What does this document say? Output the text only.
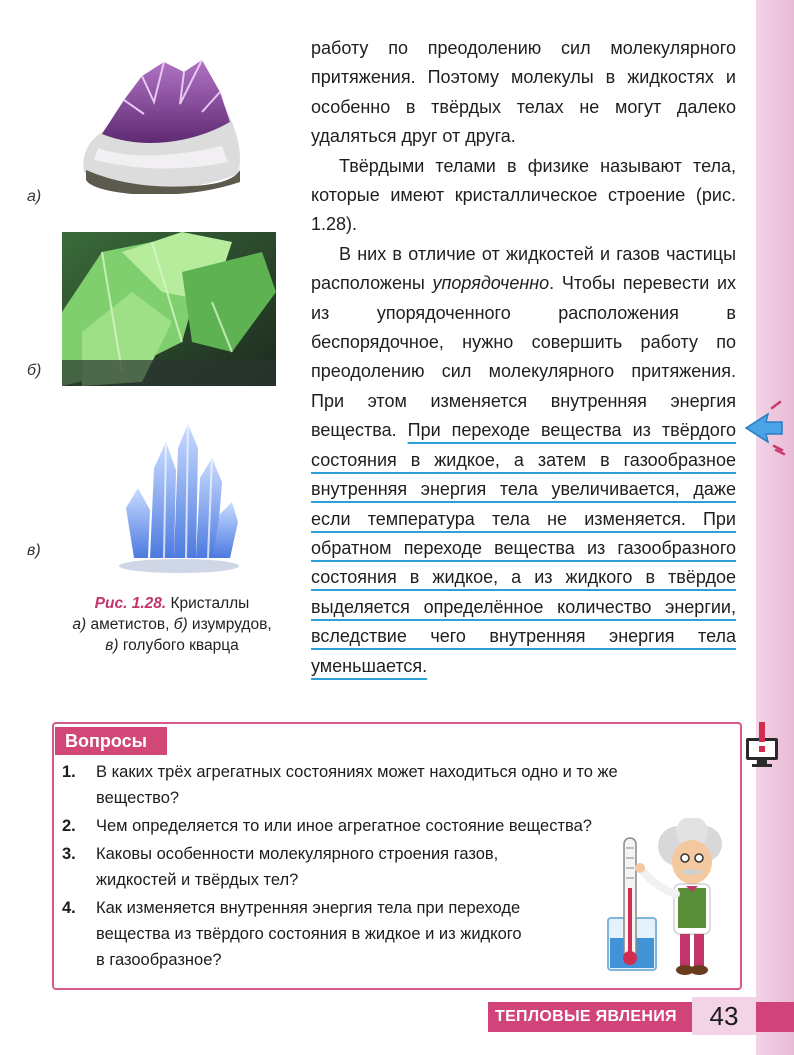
а)
б)
в)
Рис. 1.28. Кристаллы
а) аметистов, б) изумрудов,
в) голубого кварца

работу по преодолению сил молекулярного притяжения. Поэтому молекулы в жидкостях и особенно в твёрдых телах не могут далеко удаляться друг от друга.

Твёрдыми телами в физике называют тела, которые имеют кристаллическое строение (рис. 1.28).

В них в отличие от жидкостей и газов частицы расположены упорядоченно. Чтобы перевести их из упорядоченного расположения в беспорядочное, нужно совершить работу по преодолению сил молекулярного притяжения. При этом изменяется внутренняя энергия вещества. При переходе вещества из твёрдого состояния в жидкое, а затем в газообразное внутренняя энергия тела увеличивается, даже если температура тела не изменяется. При обратном переходе вещества из газообразного состояния в жидкое, а из жидкого в твёрдое выделяется определённое количество энергии, вследствие чего внутренняя энергия тела уменьшается.

Вопросы
1. В каких трёх агрегатных состояниях может находиться одно и то же
вещество?
2. Чем определяется то или иное агрегатное состояние вещества?
3. Каковы особенности молекулярного строения газов,
жидкостей и твёрдых тел?
4. Как изменяется внутренняя энергия тела при переходе
вещества из твёрдого состояния в жидкое и из жидкого
в газообразное?
ТЕПЛОВЫЕ ЯВЛЕНИЯ	43
